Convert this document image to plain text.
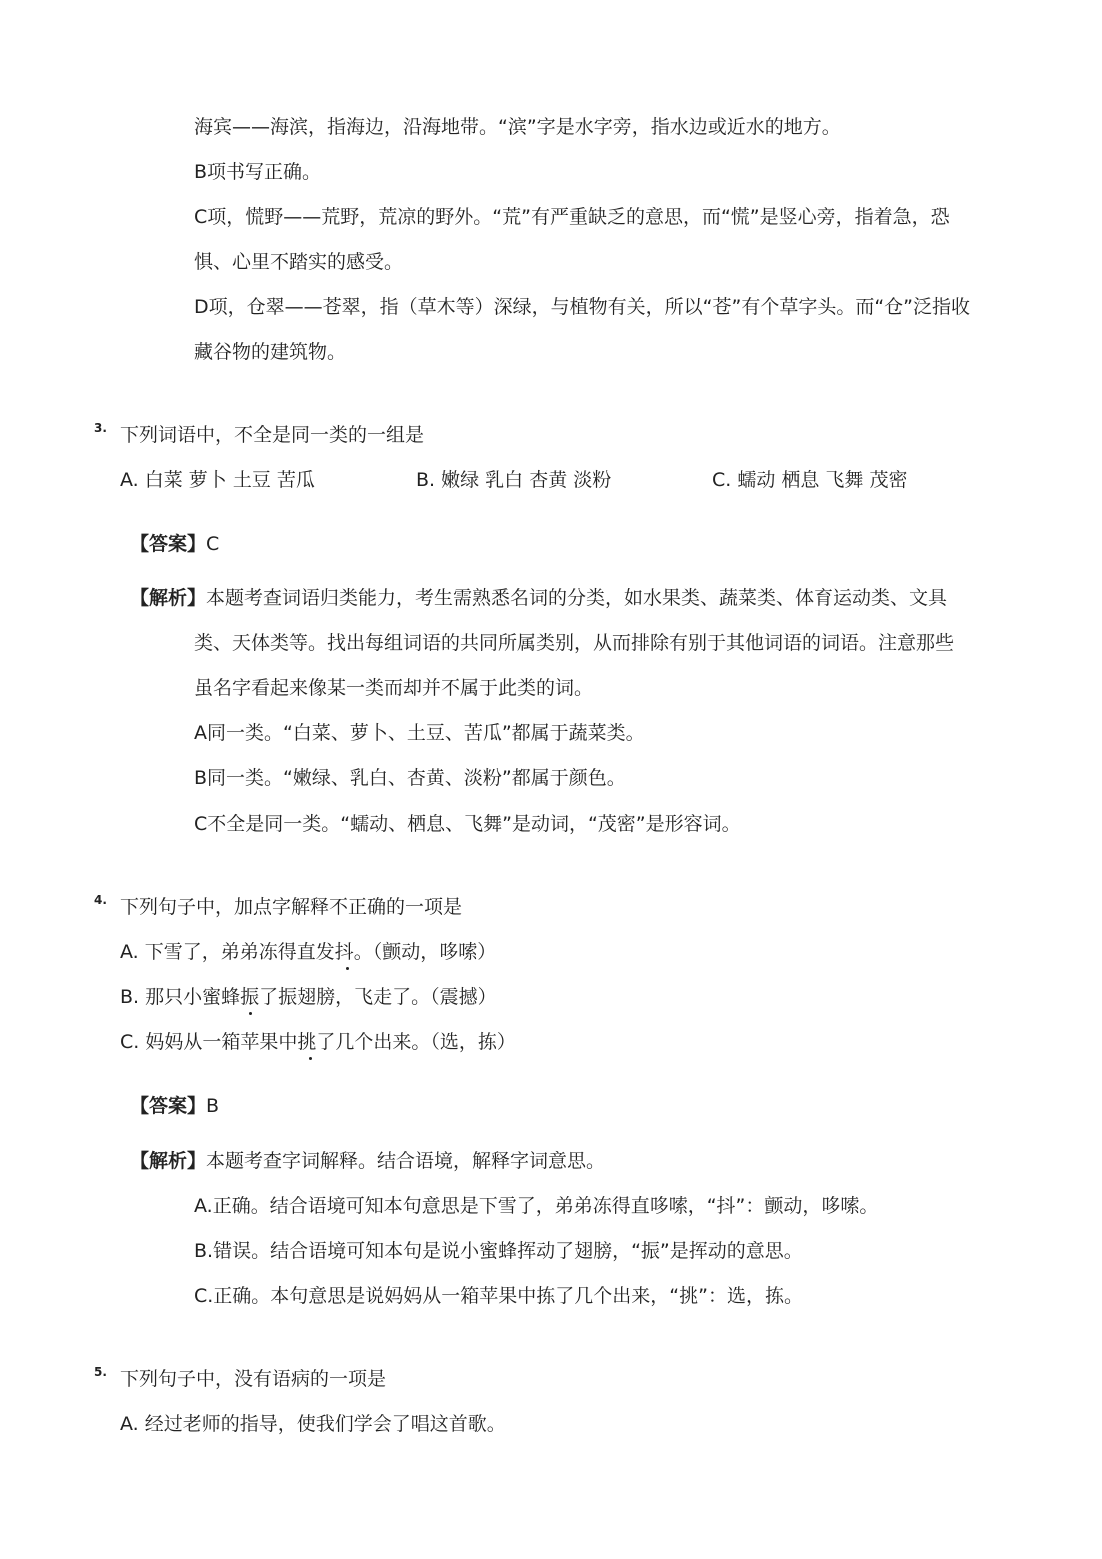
海宾——海滨，指海边，沿海地带。“滨”字是水字旁，指水边或近水的地方。
B项书写正确。
C项，慌野——荒野，荒凉的野外。“荒”有严重缺乏的意思，而“慌”是竖心旁，指着急，恐
惧、心里不踏实的感受。
D项，仓翠——苍翠，指（草木等）深绿，与植物有关，所以“苍”有个草字头。而“仓”泛指收
藏谷物的建筑物。
3. 下列词语中，不全是同一类的一组是
A. 白菜 萝卜 土豆 苦瓜	B. 嫩绿 乳白 杏黄 淡粉	C. 蠕动 栖息 飞舞 茂密
【答案】C
【解析】本题考查词语归类能力，考生需熟悉名词的分类，如水果类、蔬菜类、体育运动类、文具
类、天体类等。找出每组词语的共同所属类别，从而排除有别于其他词语的词语。注意那些
虽名字看起来像某一类而却并不属于此类的词。
A同一类。“白菜、萝卜、土豆、苦瓜”都属于蔬菜类。
B同一类。“嫩绿、乳白、杏黄、淡粉”都属于颜色。
C不全是同一类。“蠕动、栖息、飞舞”是动词，“茂密”是形容词。
4. 下列句子中，加点字解释不正确的一项是
A. 下雪了，弟弟冻得直发抖。（颤动，哆嗦）
B. 那只小蜜蜂振了振翅膀，飞走了。（震撼）
C. 妈妈从一箱苹果中挑了几个出来。（选，拣）
【答案】B
【解析】本题考查字词解释。结合语境，解释字词意思。
A.正确。结合语境可知本句意思是下雪了，弟弟冻得直哆嗦，“抖”：颤动，哆嗦。
B.错误。结合语境可知本句是说小蜜蜂挥动了翅膀，“振”是挥动的意思。
C.正确。本句意思是说妈妈从一箱苹果中拣了几个出来，“挑”：选，拣。
5. 下列句子中，没有语病的一项是
A. 经过老师的指导，使我们学会了唱这首歌。
